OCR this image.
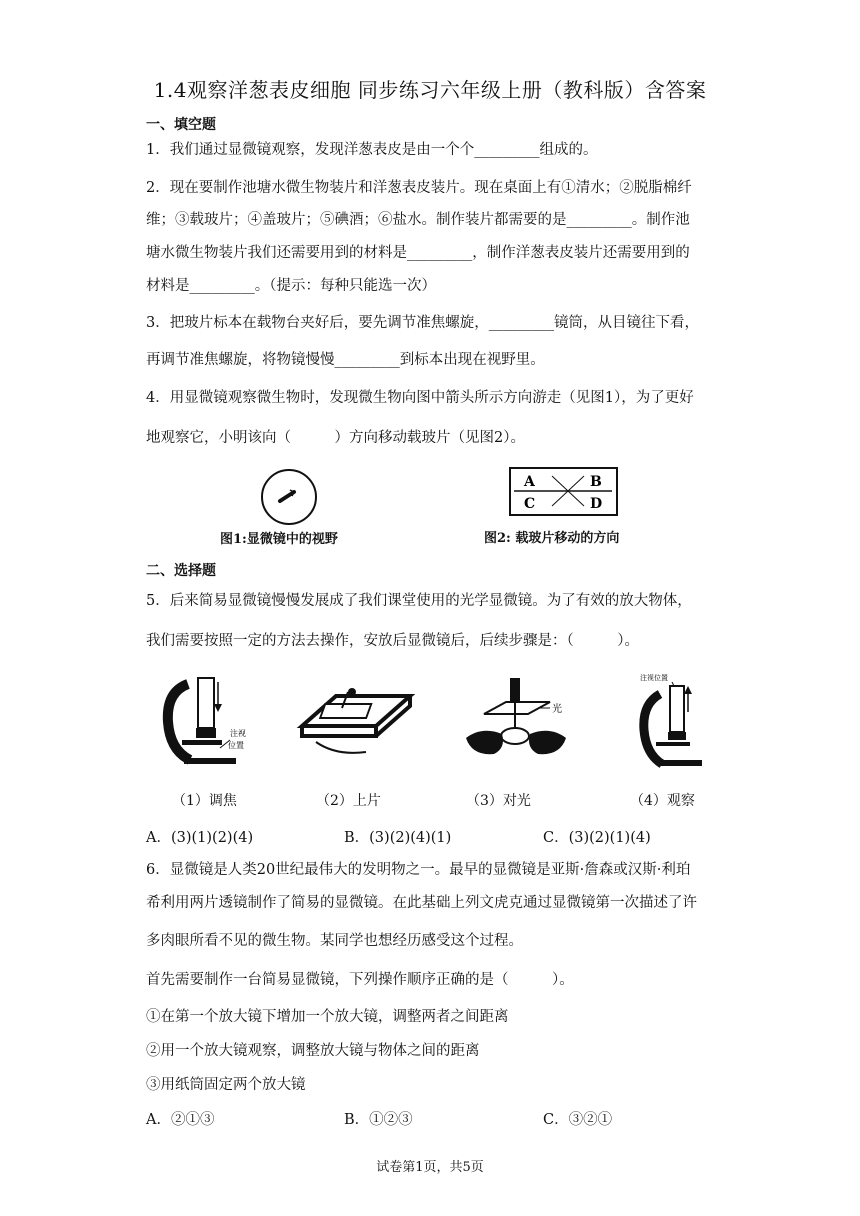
1.4观察洋葱表皮细胞 同步练习六年级上册（教科版）含答案
一、填空题
1．我们通过显微镜观察，发现洋葱表皮是由一个个_________组成的。
2．现在要制作池塘水微生物装片和洋葱表皮装片。现在桌面上有①清水；②脱脂棉纤
维；③载玻片；④盖玻片；⑤碘酒；⑥盐水。制作装片都需要的是_________。制作池
塘水微生物装片我们还需要用到的材料是_________，制作洋葱表皮装片还需要用到的
材料是_________。（提示：每种只能选一次）
3．把玻片标本在载物台夹好后，要先调节准焦螺旋，_________镜筒，从目镜往下看，
再调节准焦螺旋，将物镜慢慢_________到标本出现在视野里。
4．用显微镜观察微生物时，发现微生物向图中箭头所示方向游走（见图1），为了更好
地观察它，小明该向（　　　）方向移动载玻片（见图2）。
图1:显微镜中的视野
A	B
C	D
图2: 载玻片移动的方向
二、选择题
5．后来简易显微镜慢慢发展成了我们课堂使用的光学显微镜。为了有效的放大物体，
我们需要按照一定的方法去操作，安放后显微镜后，后续步骤是：（　　　）。
注视
位置
光
注视位置
（1）调焦	（2）上片	（3）对光	（4）观察
A．(3)(1)(2)(4)	B．(3)(2)(4)(1)	C．(3)(2)(1)(4)
6．显微镜是人类20世纪最伟大的发明物之一。最早的显微镜是亚斯·詹森或汉斯·利珀
希利用两片透镜制作了简易的显微镜。在此基础上列文虎克通过显微镜第一次描述了许
多肉眼所看不见的微生物。某同学也想经历感受这个过程。
首先需要制作一台简易显微镜，下列操作顺序正确的是（　　　）。
①在第一个放大镜下增加一个放大镜，调整两者之间距离
②用一个放大镜观察，调整放大镜与物体之间的距离
③用纸筒固定两个放大镜
A．②①③	B．①②③	C．③②①
试卷第1页，共5页
